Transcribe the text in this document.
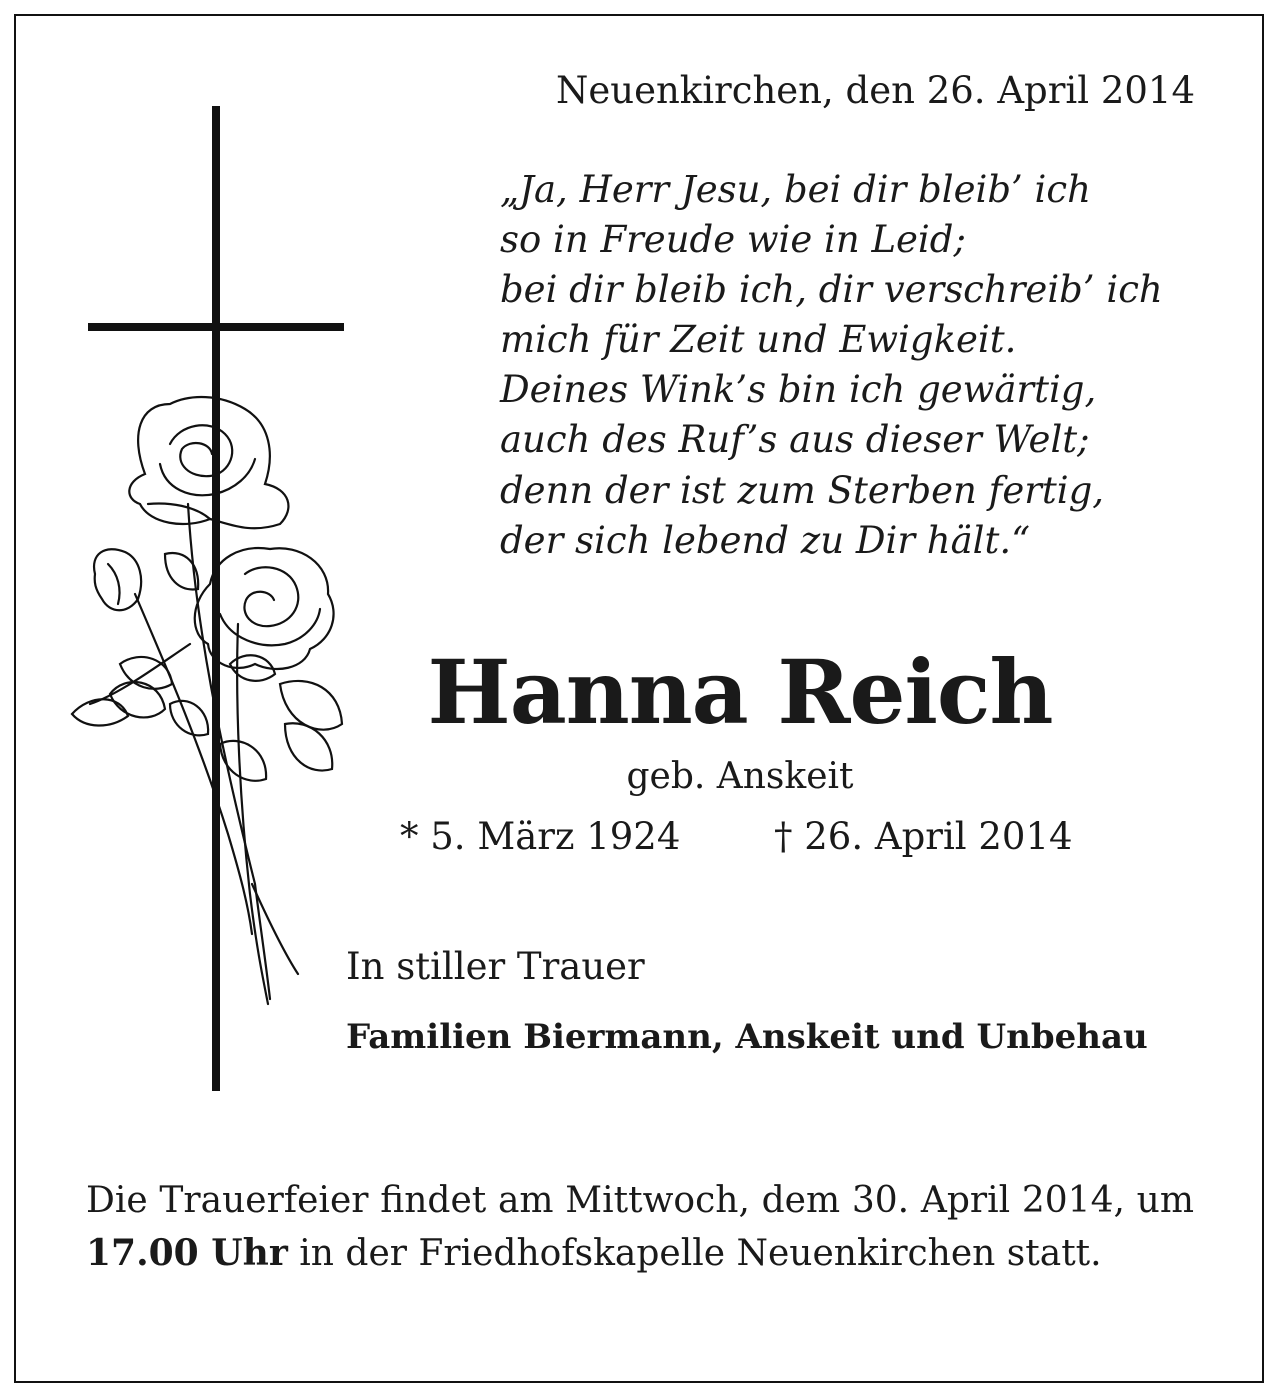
Neuenkirchen, den 26. April 2014
„Ja, Herr Jesu, bei dir bleib’ ich
so in Freude wie in Leid;
bei dir bleib ich, dir verschreib’ ich
mich für Zeit und Ewigkeit.
Deines Wink’s bin ich gewärtig,
auch des Ruf’s aus dieser Welt;
denn der ist zum Sterben fertig,
der sich lebend zu Dir hält.“
Hanna Reich
geb. Anskeit
* 5. März 1924	† 26. April 2014
In stiller Trauer
Familien Biermann, Anskeit und Unbehau
Die Trauerfeier findet am Mittwoch, dem 30. April 2014, um 17.00 Uhr in der Friedhofskapelle Neuenkirchen statt.
